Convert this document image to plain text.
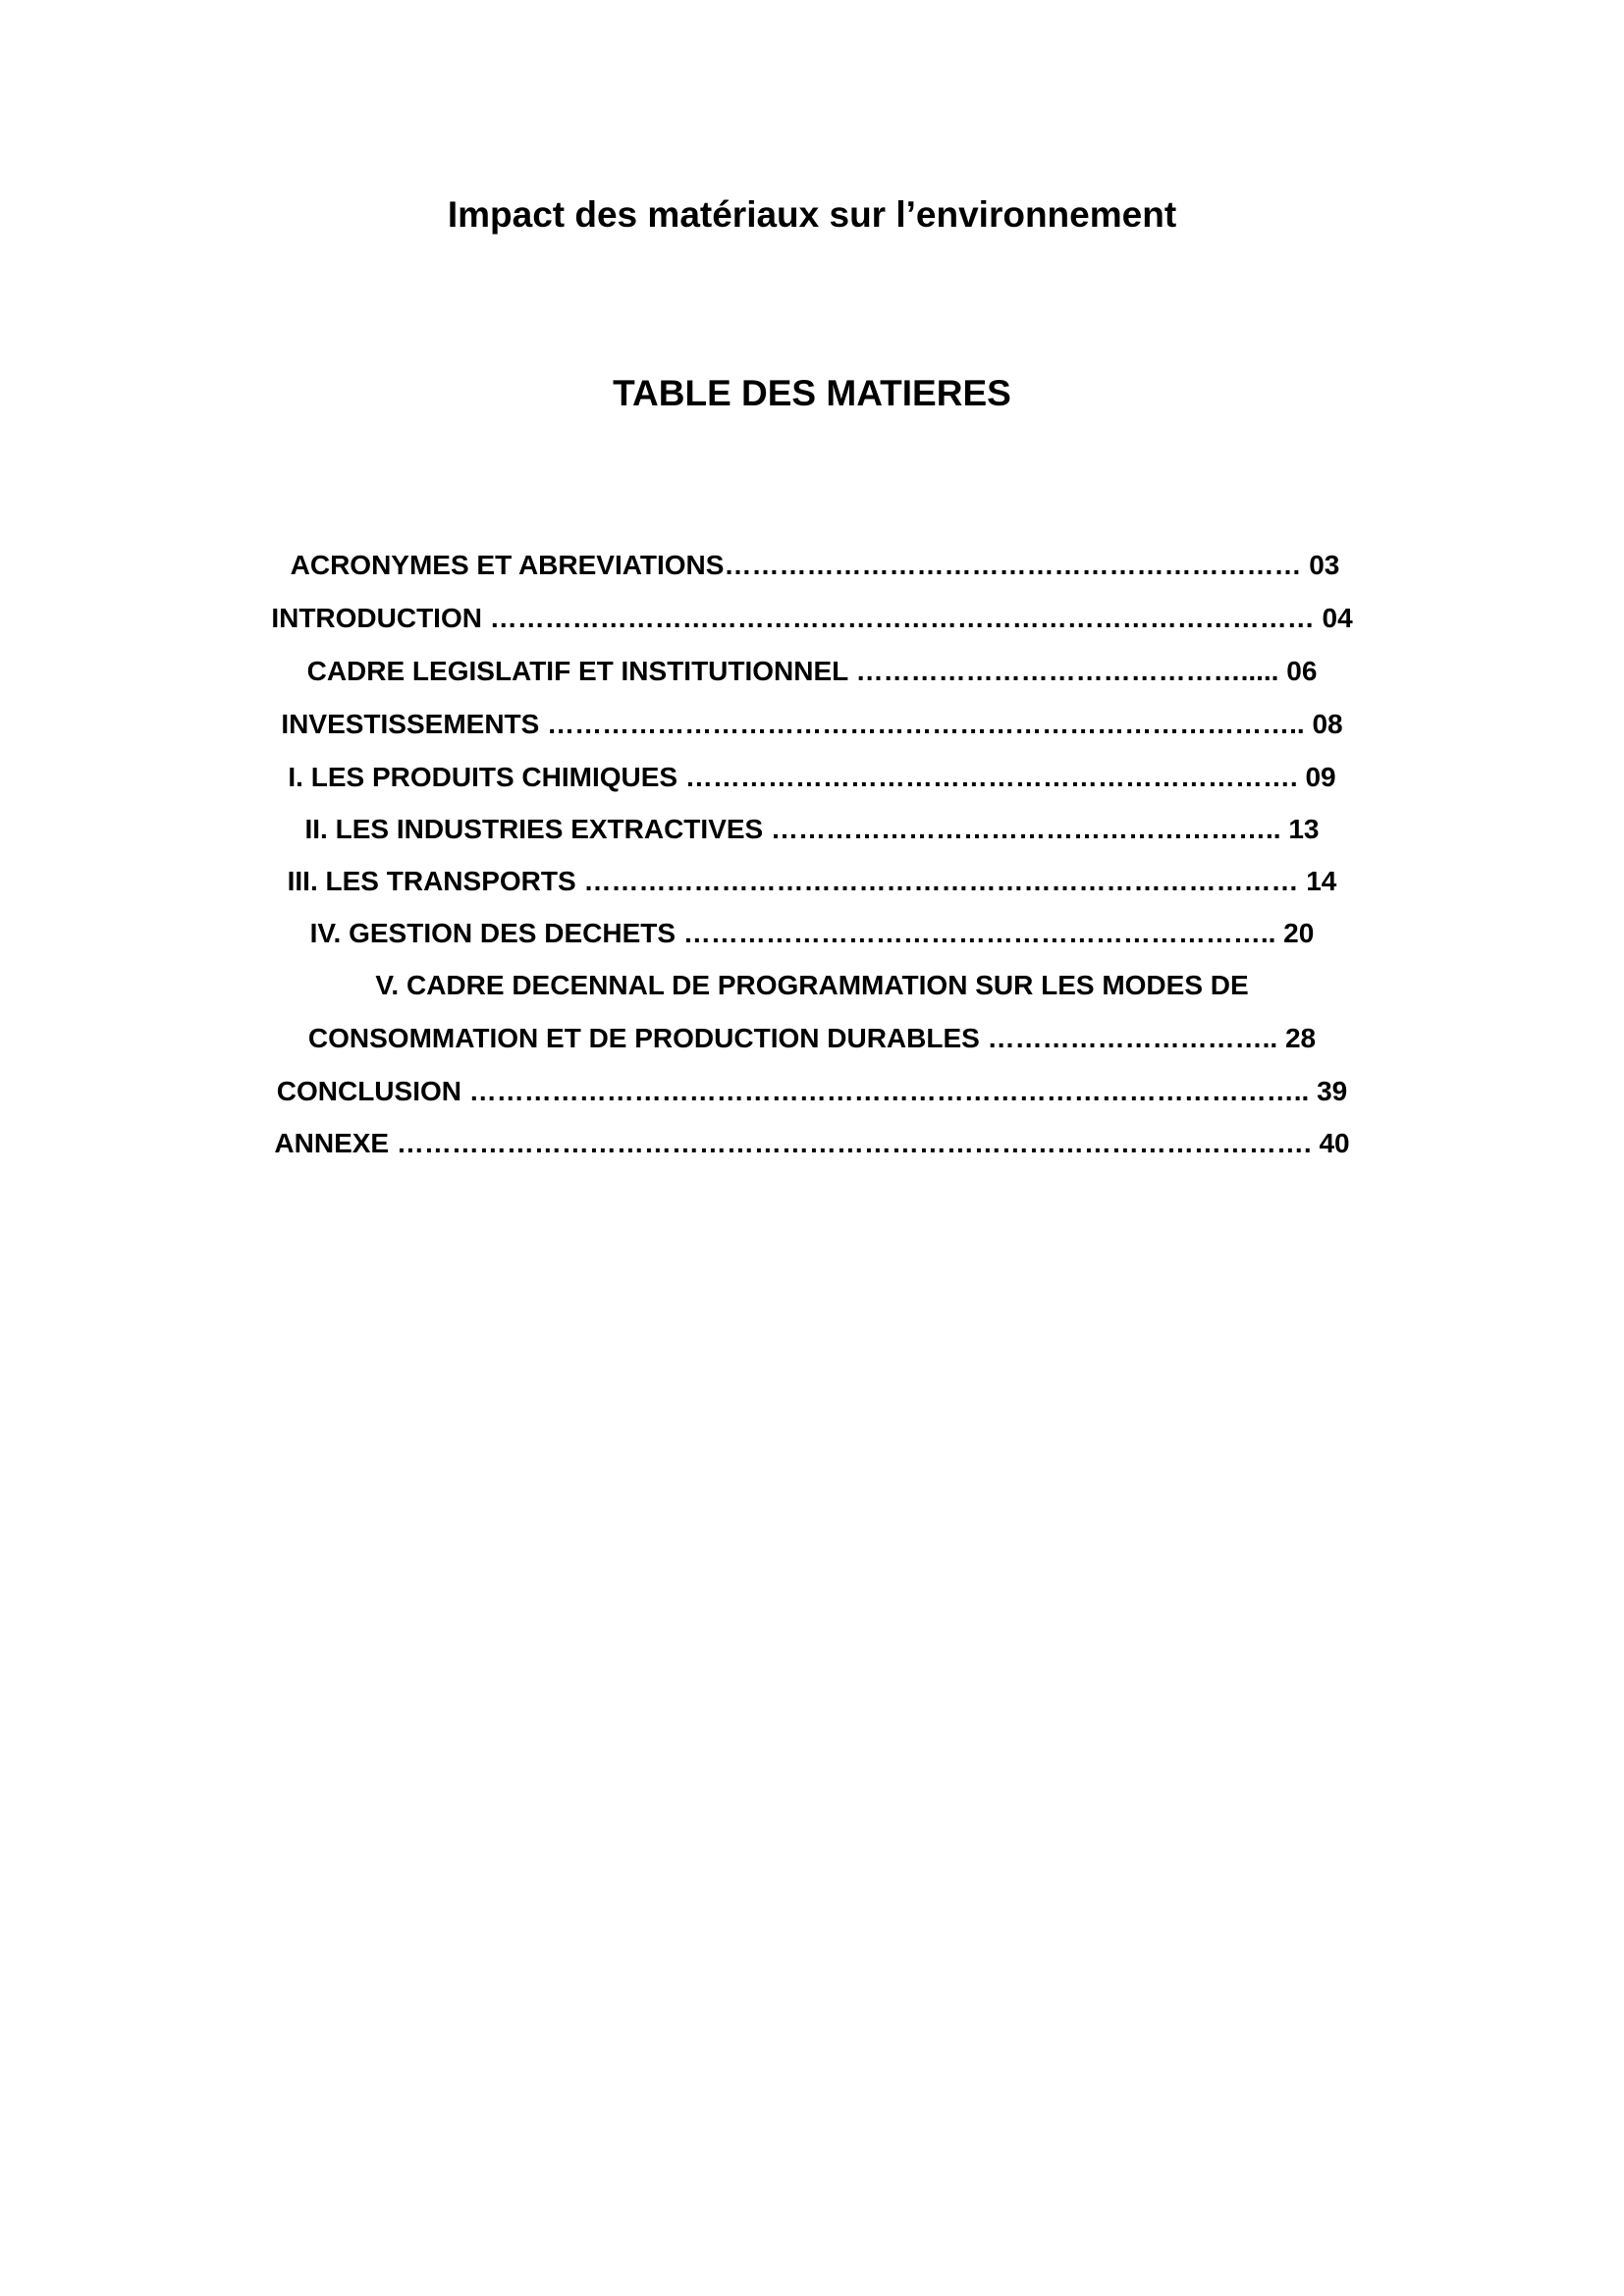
Impact des matériaux sur l’environnement
TABLE DES MATIERES
ACRONYMES ET ABREVIATIONS……………………………………………………… 03
INTRODUCTION ……………………………………………………………………………… 04
CADRE LEGISLATIF ET INSTITUTIONNEL ……………………………………..... 06
INVESTISSEMENTS ……………………………………………………………………….. 08
I. LES PRODUITS CHIMIQUES …………………………………………………………. 09
II. LES INDUSTRIES EXTRACTIVES ……………………………………………….. 13
III. LES TRANSPORTS …………………………………………………………………… 14
IV. GESTION DES DECHETS ……………………………………………………….. 20
V. CADRE DECENNAL DE PROGRAMMATION SUR LES MODES DE
CONSOMMATION ET DE PRODUCTION DURABLES ………………………….. 28
CONCLUSION ……………………………………………………………………………….. 39
ANNEXE ………………………………………………………………………………………. 40
